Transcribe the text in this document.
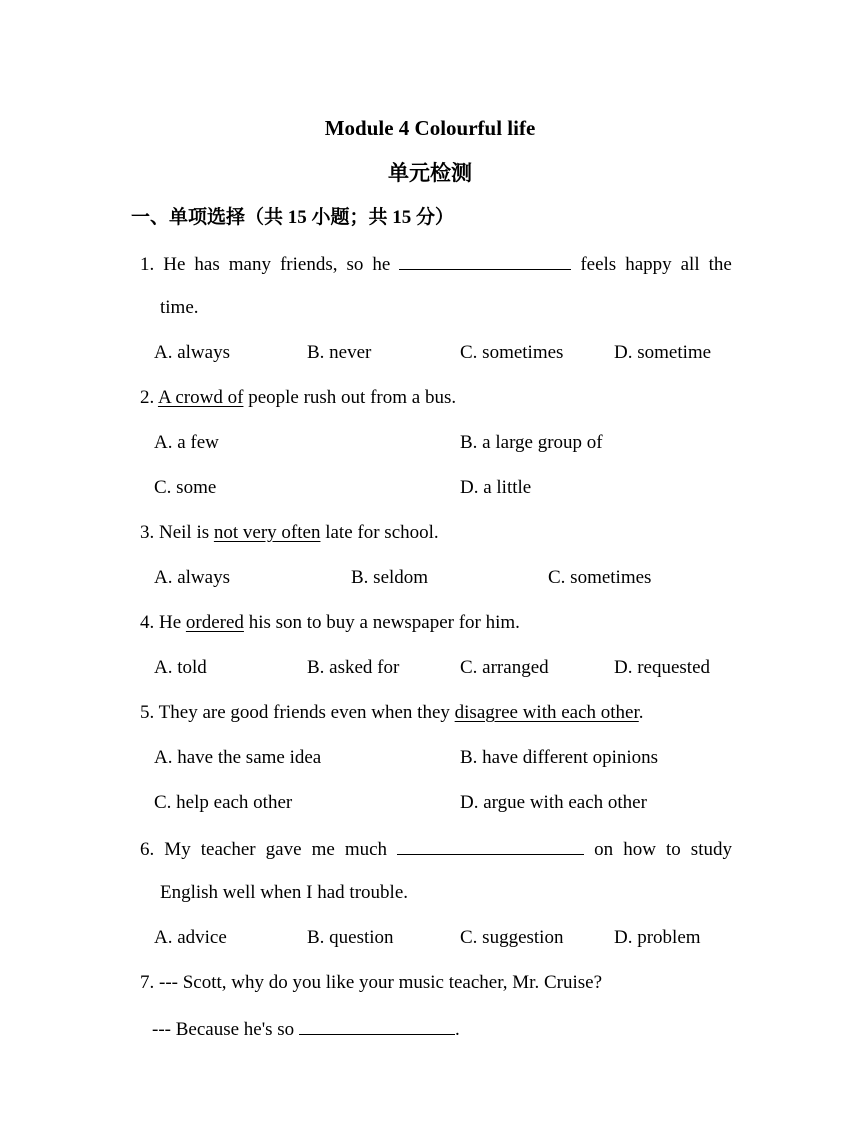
Module 4 Colourful life
单元检测
一、单项选择（共 15 小题；共 15 分）
1. He has many friends, so he	feels happy all the
time.
A. always	B. never	C. sometimes	D. sometime
2. A crowd of people rush out from a bus.
A. a few	B. a large group of
C. some	D. a little
3. Neil is not very often late for school.
A. always	B. seldom	C. sometimes
4. He ordered his son to buy a newspaper for him.
A. told	B. asked for	C. arranged	D. requested
5. They are good friends even when they disagree with each other.
A. have the same idea	B. have different opinions
C. help each other	D. argue with each other
6. My teacher gave me much	on how to study
English well when I had trouble.
A. advice	B. question	C. suggestion	D. problem
7. --- Scott, why do you like your music teacher, Mr. Cruise?
--- Because he's so	.
